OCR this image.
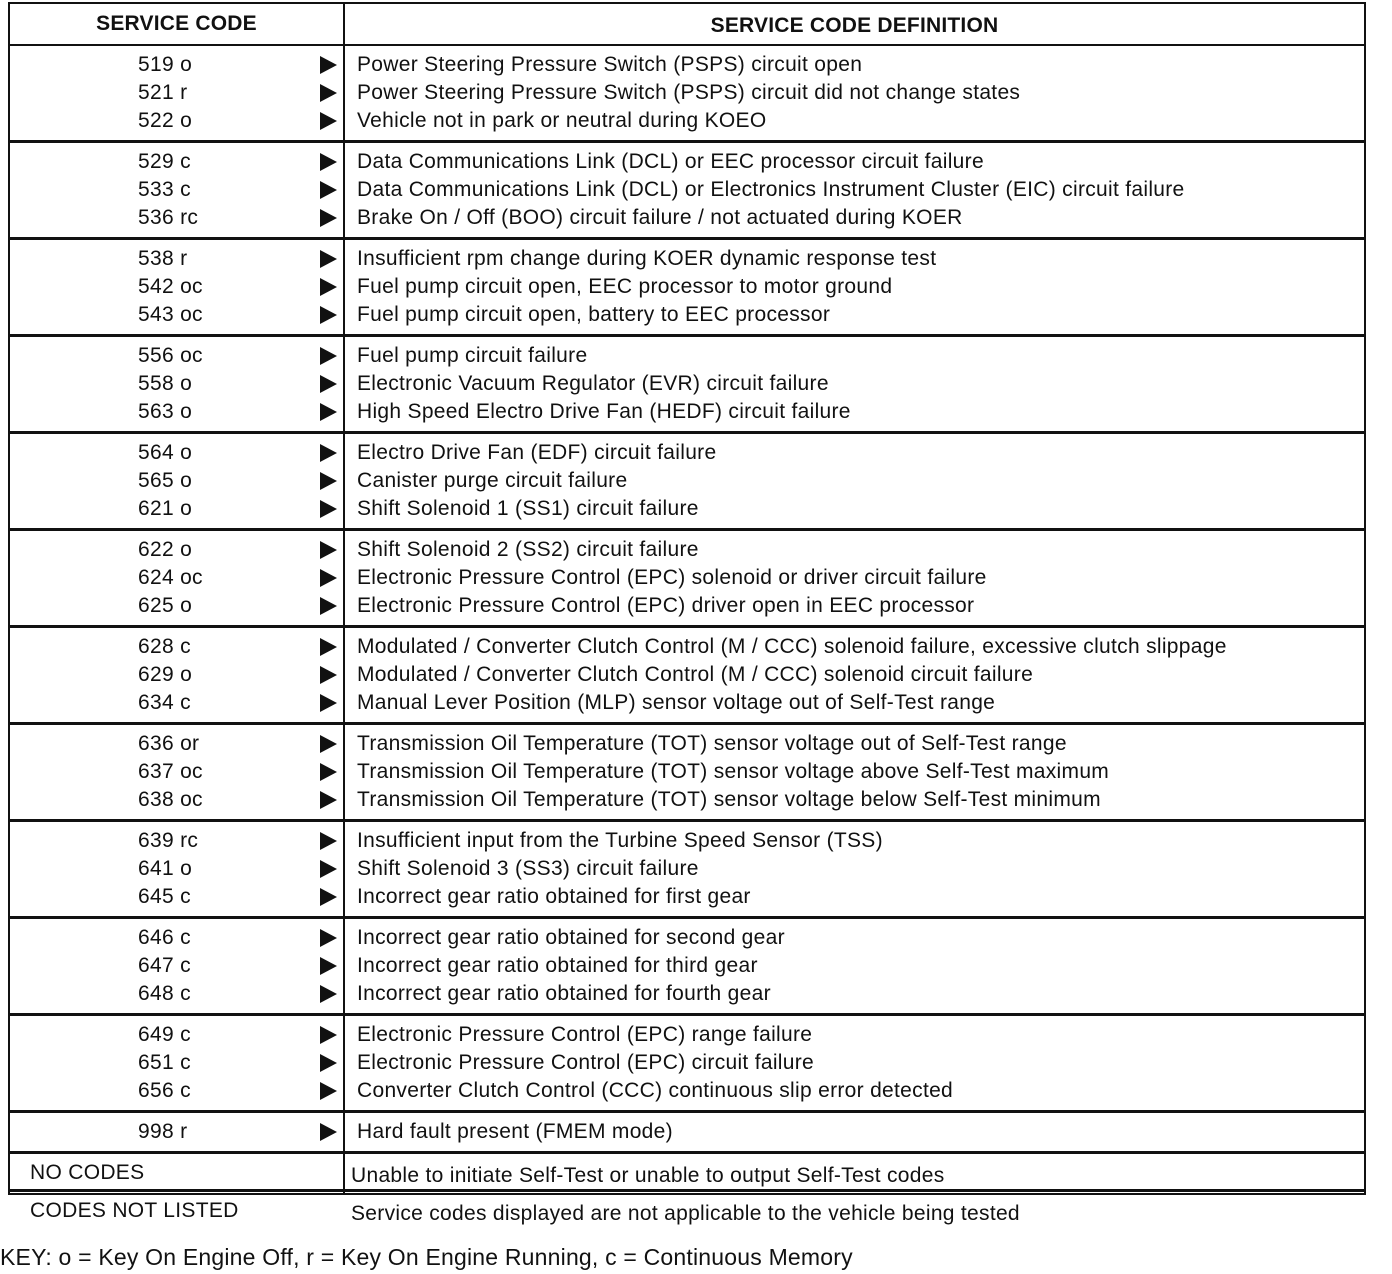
SERVICE CODE	SERVICE CODE DEFINITION
519 o	Power Steering Pressure Switch (PSPS) circuit open
521 r	Power Steering Pressure Switch (PSPS) circuit did not change states
522 o	Vehicle not in park or neutral during KOEO
529 c	Data Communications Link (DCL) or EEC processor circuit failure
533 c	Data Communications Link (DCL) or Electronics Instrument Cluster (EIC) circuit failure
536 rc	Brake On / Off (BOO) circuit failure / not actuated during KOER
538 r	Insufficient rpm change during KOER dynamic response test
542 oc	Fuel pump circuit open, EEC processor to motor ground
543 oc	Fuel pump circuit open, battery to EEC processor
556 oc	Fuel pump circuit failure
558 o	Electronic Vacuum Regulator (EVR) circuit failure
563 o	High Speed Electro Drive Fan (HEDF) circuit failure
564 o	Electro Drive Fan (EDF) circuit failure
565 o	Canister purge circuit failure
621 o	Shift Solenoid 1 (SS1) circuit failure
622 o	Shift Solenoid 2 (SS2) circuit failure
624 oc	Electronic Pressure Control (EPC) solenoid or driver circuit failure
625 o	Electronic Pressure Control (EPC) driver open in EEC processor
628 c	Modulated / Converter Clutch Control (M / CCC) solenoid failure, excessive clutch slippage
629 o	Modulated / Converter Clutch Control (M / CCC) solenoid circuit failure
634 c	Manual Lever Position (MLP) sensor voltage out of Self-Test range
636 or	Transmission Oil Temperature (TOT) sensor voltage out of Self-Test range
637 oc	Transmission Oil Temperature (TOT) sensor voltage above Self-Test maximum
638 oc	Transmission Oil Temperature (TOT) sensor voltage below Self-Test minimum
639 rc	Insufficient input from the Turbine Speed Sensor (TSS)
641 o	Shift Solenoid 3 (SS3) circuit failure
645 c	Incorrect gear ratio obtained for first gear
646 c	Incorrect gear ratio obtained for second gear
647 c	Incorrect gear ratio obtained for third gear
648 c	Incorrect gear ratio obtained for fourth gear
649 c	Electronic Pressure Control (EPC) range failure
651 c	Electronic Pressure Control (EPC) circuit failure
656 c	Converter Clutch Control (CCC) continuous slip error detected
998 r	Hard fault present (FMEM mode)
NO CODES	Unable to initiate Self-Test or unable to output Self-Test codes
CODES NOT LISTED	Service codes displayed are not applicable to the vehicle being tested
KEY: o = Key On Engine Off, r = Key On Engine Running, c = Continuous Memory
